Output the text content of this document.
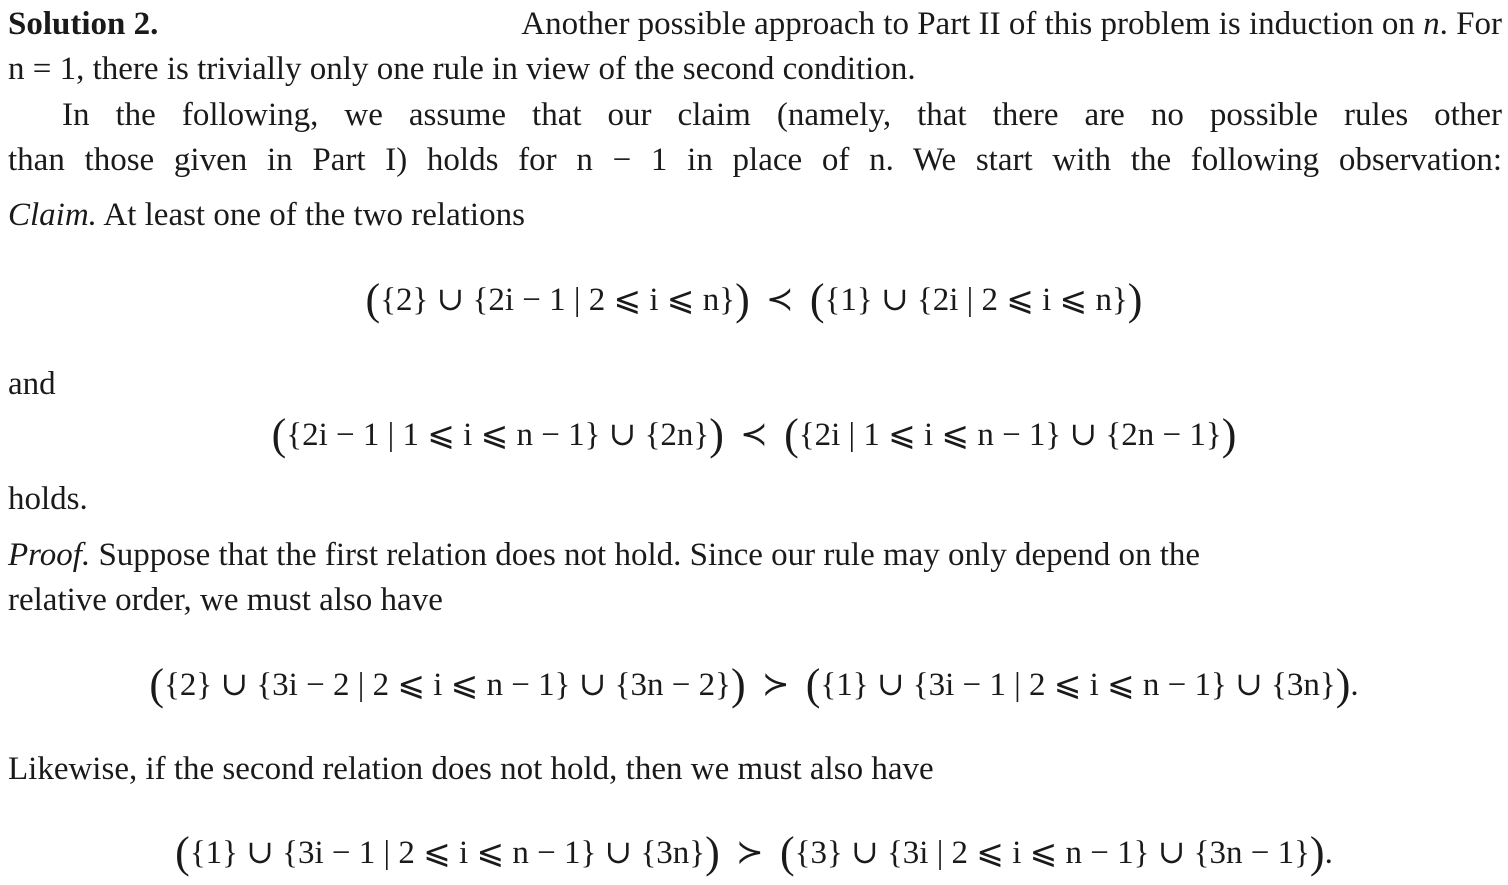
Solution 2.	Another possible approach to Part II of this problem is induction on n. For
n = 1, there is trivially only one rule in view of the second condition.
In the following, we assume that our claim (namely, that there are no possible rules other
than those given in Part I) holds for n − 1 in place of n. We start with the following observation:
Claim. At least one of the two relations
({2} ∪ {2i − 1 | 2 ⩽ i ⩽ n}) ≺ ({1} ∪ {2i | 2 ⩽ i ⩽ n})
and
({2i − 1 | 1 ⩽ i ⩽ n − 1} ∪ {2n}) ≺ ({2i | 1 ⩽ i ⩽ n − 1} ∪ {2n − 1})
holds.
Proof. Suppose that the first relation does not hold. Since our rule may only depend on the
relative order, we must also have
({2} ∪ {3i − 2 | 2 ⩽ i ⩽ n − 1} ∪ {3n − 2}) ≻ ({1} ∪ {3i − 1 | 2 ⩽ i ⩽ n − 1} ∪ {3n}).
Likewise, if the second relation does not hold, then we must also have
({1} ∪ {3i − 1 | 2 ⩽ i ⩽ n − 1} ∪ {3n}) ≻ ({3} ∪ {3i | 2 ⩽ i ⩽ n − 1} ∪ {3n − 1}).
